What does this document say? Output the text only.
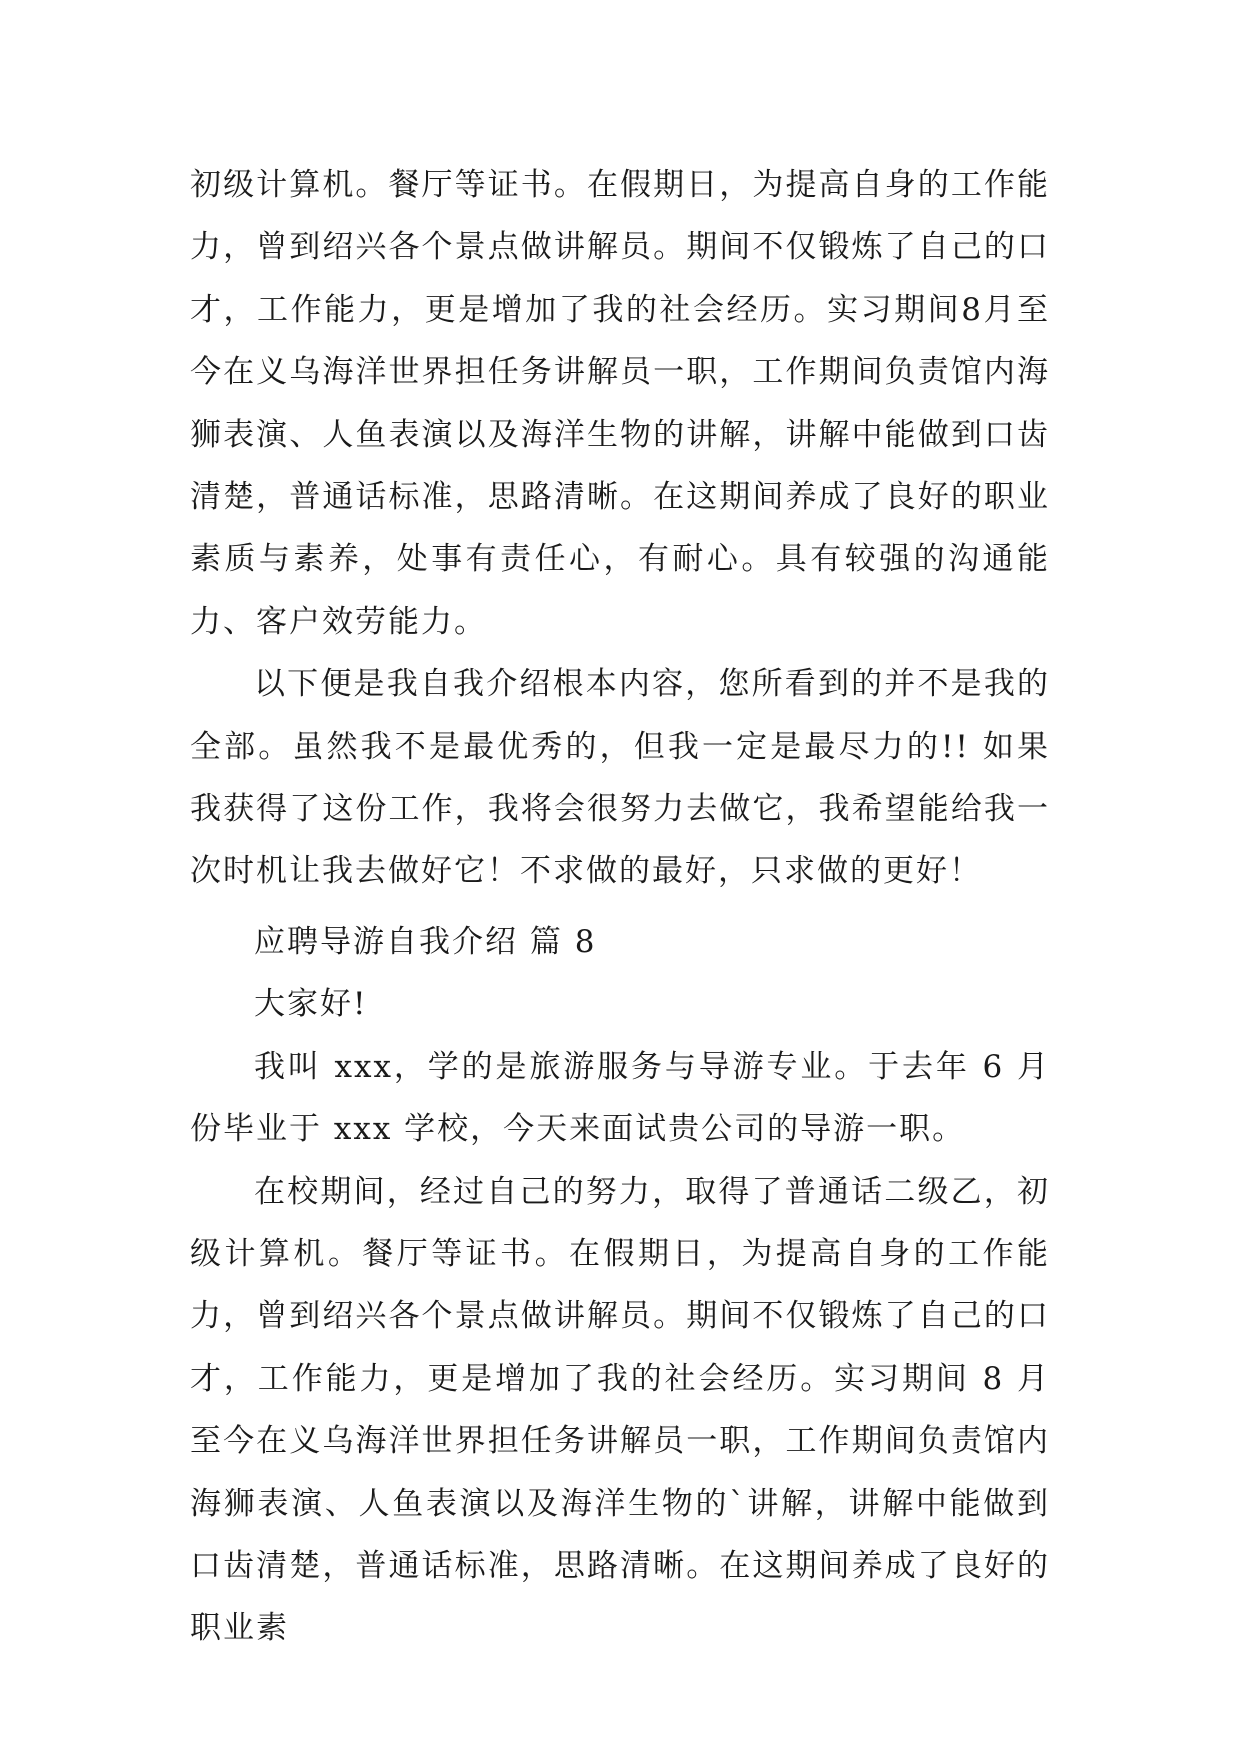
初级计算机。餐厅等证书。在假期日，为提高自身的工作能力，曾到绍兴各个景点做讲解员。期间不仅锻炼了自己的口才，工作能力，更是增加了我的社会经历。实习期间8月至今在义乌海洋世界担任务讲解员一职，工作期间负责馆内海狮表演、人鱼表演以及海洋生物的讲解，讲解中能做到口齿清楚，普通话标准，思路清晰。在这期间养成了良好的职业素质与素养，处事有责任心，有耐心。具有较强的沟通能力、客户效劳能力。

以下便是我自我介绍根本内容，您所看到的并不是我的全部。虽然我不是最优秀的，但我一定是最尽力的!! 如果我获得了这份工作，我将会很努力去做它，我希望能给我一次时机让我去做好它！不求做的最好，只求做的更好！

应聘导游自我介绍 篇 8

大家好!

我叫 xxx，学的是旅游服务与导游专业。于去年 6 月份毕业于 xxx 学校，今天来面试贵公司的导游一职。

在校期间，经过自己的努力，取得了普通话二级乙，初级计算机。餐厅等证书。在假期日，为提高自身的工作能力，曾到绍兴各个景点做讲解员。期间不仅锻炼了自己的口才，工作能力，更是增加了我的社会经历。实习期间 8 月至今在义乌海洋世界担任务讲解员一职，工作期间负责馆内海狮表演、人鱼表演以及海洋生物的`讲解，讲解中能做到口齿清楚，普通话标准，思路清晰。在这期间养成了良好的职业素
